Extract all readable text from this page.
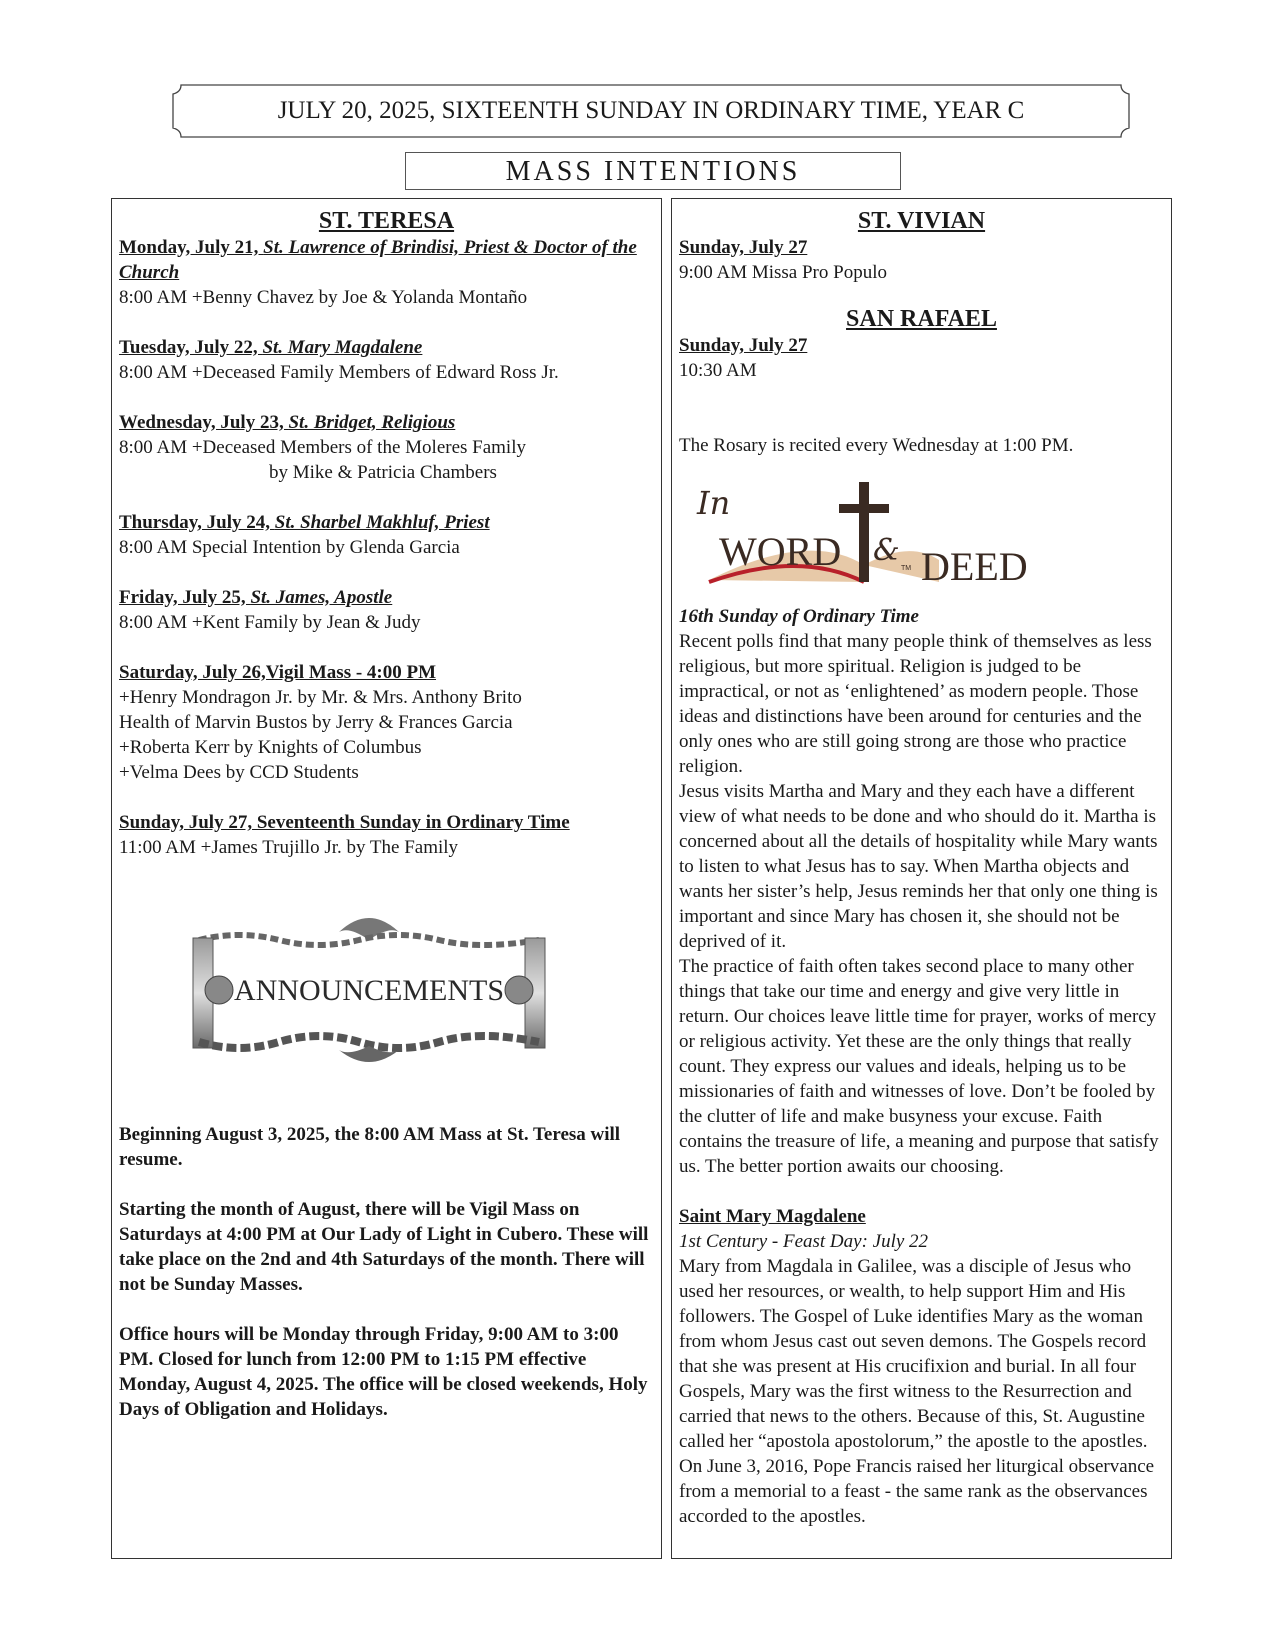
JULY 20, 2025, SIXTEENTH SUNDAY IN ORDINARY TIME, YEAR C
MASS INTENTIONS
ST. TERESA
Monday, July 21, St. Lawrence of Brindisi, Priest & Doctor of the Church
8:00 AM +Benny Chavez by Joe & Yolanda Montaño
Tuesday, July 22, St. Mary Magdalene
8:00 AM +Deceased Family Members of Edward Ross Jr.
Wednesday, July 23, St. Bridget, Religious
8:00 AM +Deceased Members of the Moleres Family
by Mike & Patricia Chambers
Thursday, July 24, St. Sharbel Makhluf, Priest
8:00 AM Special Intention by Glenda Garcia
Friday, July 25, St. James, Apostle
8:00 AM +Kent Family by Jean & Judy
Saturday, July 26,Vigil Mass - 4:00 PM
+Henry Mondragon Jr. by Mr. & Mrs. Anthony Brito
Health of Marvin Bustos by Jerry & Frances Garcia
+Roberta Kerr by Knights of Columbus
+Velma Dees by CCD Students
Sunday, July 27, Seventeenth Sunday in Ordinary Time
11:00 AM +James Trujillo Jr. by The Family
ANNOUNCEMENTS
Beginning August 3, 2025, the 8:00 AM Mass at St. Teresa will resume.
Starting the month of August, there will be Vigil Mass on Saturdays at 4:00 PM at Our Lady of Light in Cubero. These will take place on the 2nd and 4th Saturdays of the month. There will not be Sunday Masses.
Office hours will be Monday through Friday, 9:00 AM to 3:00 PM. Closed for lunch from 12:00 PM to 1:15 PM effective Monday, August 4, 2025. The office will be closed weekends, Holy Days of Obligation and Holidays.
ST. VIVIAN
Sunday, July 27
9:00 AM Missa Pro Populo
SAN RAFAEL
Sunday, July 27
10:30 AM
The Rosary is recited every Wednesday at 1:00 PM.
In
WORD & DEED
TM
16th Sunday of Ordinary Time
Recent polls find that many people think of themselves as less religious, but more spiritual. Religion is judged to be impractical, or not as ‘enlightened’ as modern people. Those ideas and distinctions have been around for centuries and the only ones who are still going strong are those who practice religion.
Jesus visits Martha and Mary and they each have a different view of what needs to be done and who should do it. Martha is concerned about all the details of hospitality while Mary wants to listen to what Jesus has to say. When Martha objects and wants her sister’s help, Jesus reminds her that only one thing is important and since Mary has chosen it, she should not be deprived of it.
The practice of faith often takes second place to many other things that take our time and energy and give very little in return. Our choices leave little time for prayer, works of mercy or religious activity. Yet these are the only things that really count. They express our values and ideals, helping us to be missionaries of faith and witnesses of love. Don’t be fooled by the clutter of life and make busyness your excuse. Faith contains the treasure of life, a meaning and purpose that satisfy us. The better portion awaits our choosing.
Saint Mary Magdalene
1st Century - Feast Day: July 22
Mary from Magdala in Galilee, was a disciple of Jesus who used her resources, or wealth, to help support Him and His followers. The Gospel of Luke identifies Mary as the woman from whom Jesus cast out seven demons. The Gospels record that she was present at His crucifixion and burial. In all four Gospels, Mary was the first witness to the Resurrection and carried that news to the others. Because of this, St. Augustine called her “apostola apostolorum,” the apostle to the apostles. On June 3, 2016, Pope Francis raised her liturgical observance from a memorial to a feast - the same rank as the observances accorded to the apostles.
